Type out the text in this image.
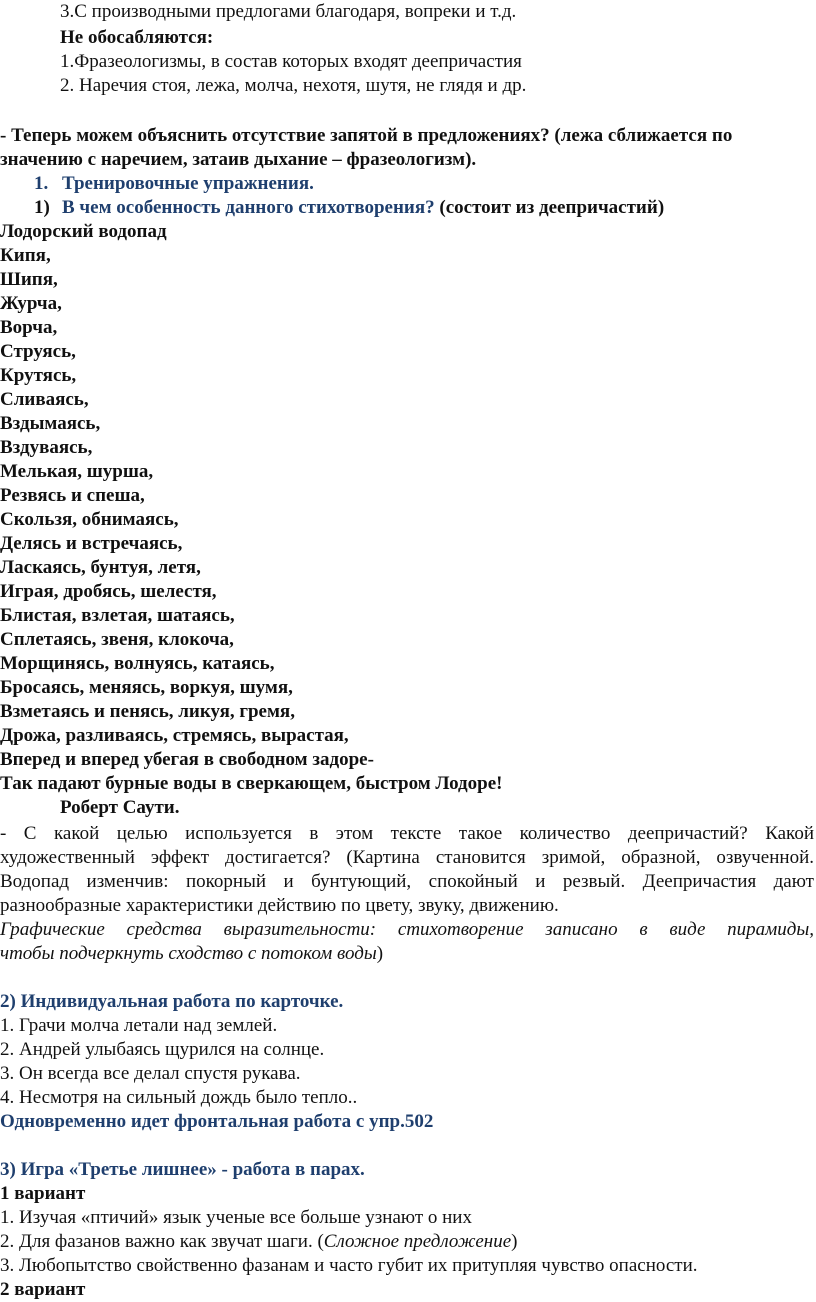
3.С производными предлогами благодаря, вопреки и т.д.
Не обосабляются:
1.Фразеологизмы, в состав которых входят деепричастия
2. Наречия стоя, лежа, молча, нехотя, шутя, не глядя и др.
- Теперь можем объяснить отсутствие запятой в предложениях? (лежа сближается по
значению с наречием, затаив дыхание – фразеологизм).
1. Тренировочные упражнения.
1) В чем особенность данного стихотворения? (состоит из деепричастий)
Лодорский водопад
Кипя,
Шипя,
Журча,
Ворча,
Струясь,
Крутясь,
Сливаясь,
Вздымаясь,
Вздуваясь,
Мелькая, шурша,
Резвясь и спеша,
Скользя, обнимаясь,
Делясь и встречаясь,
Ласкаясь, бунтуя, летя,
Играя, дробясь, шелестя,
Блистая, взлетая, шатаясь,
Сплетаясь, звеня, клокоча,
Морщинясь, волнуясь, катаясь,
Бросаясь, меняясь, воркуя, шумя,
Взметаясь и пенясь, ликуя, гремя,
Дрожа, разливаясь, стремясь, вырастая,
Вперед и вперед убегая в свободном задоре-
Так падают бурные воды в сверкающем, быстром Лодоре!
Роберт Саути.
- С какой целью используется в этом тексте такое количество деепричастий? Какой
художественный эффект достигается? (Картина становится зримой, образной, озвученной.
Водопад изменчив: покорный и бунтующий, спокойный и резвый. Деепричастия дают
разнообразные характеристики действию по цвету, звуку, движению.
Графические средства выразительности: стихотворение записано в виде пирамиды,
чтобы подчеркнуть сходство с потоком воды)
2) Индивидуальная работа по карточке.
1. Грачи молча летали над землей.
2. Андрей улыбаясь щурился на солнце.
3. Он всегда все делал спустя рукава.
4. Несмотря на сильный дождь было тепло..
Одновременно идет фронтальная работа с упр.502
3) Игра «Третье лишнее» - работа в парах.
1 вариант
1. Изучая «птичий» язык ученые все больше узнают о них
2. Для фазанов важно как звучат шаги. (Сложное предложение)
3. Любопытство свойственно фазанам и часто губит их притупляя чувство опасности.
2 вариант
